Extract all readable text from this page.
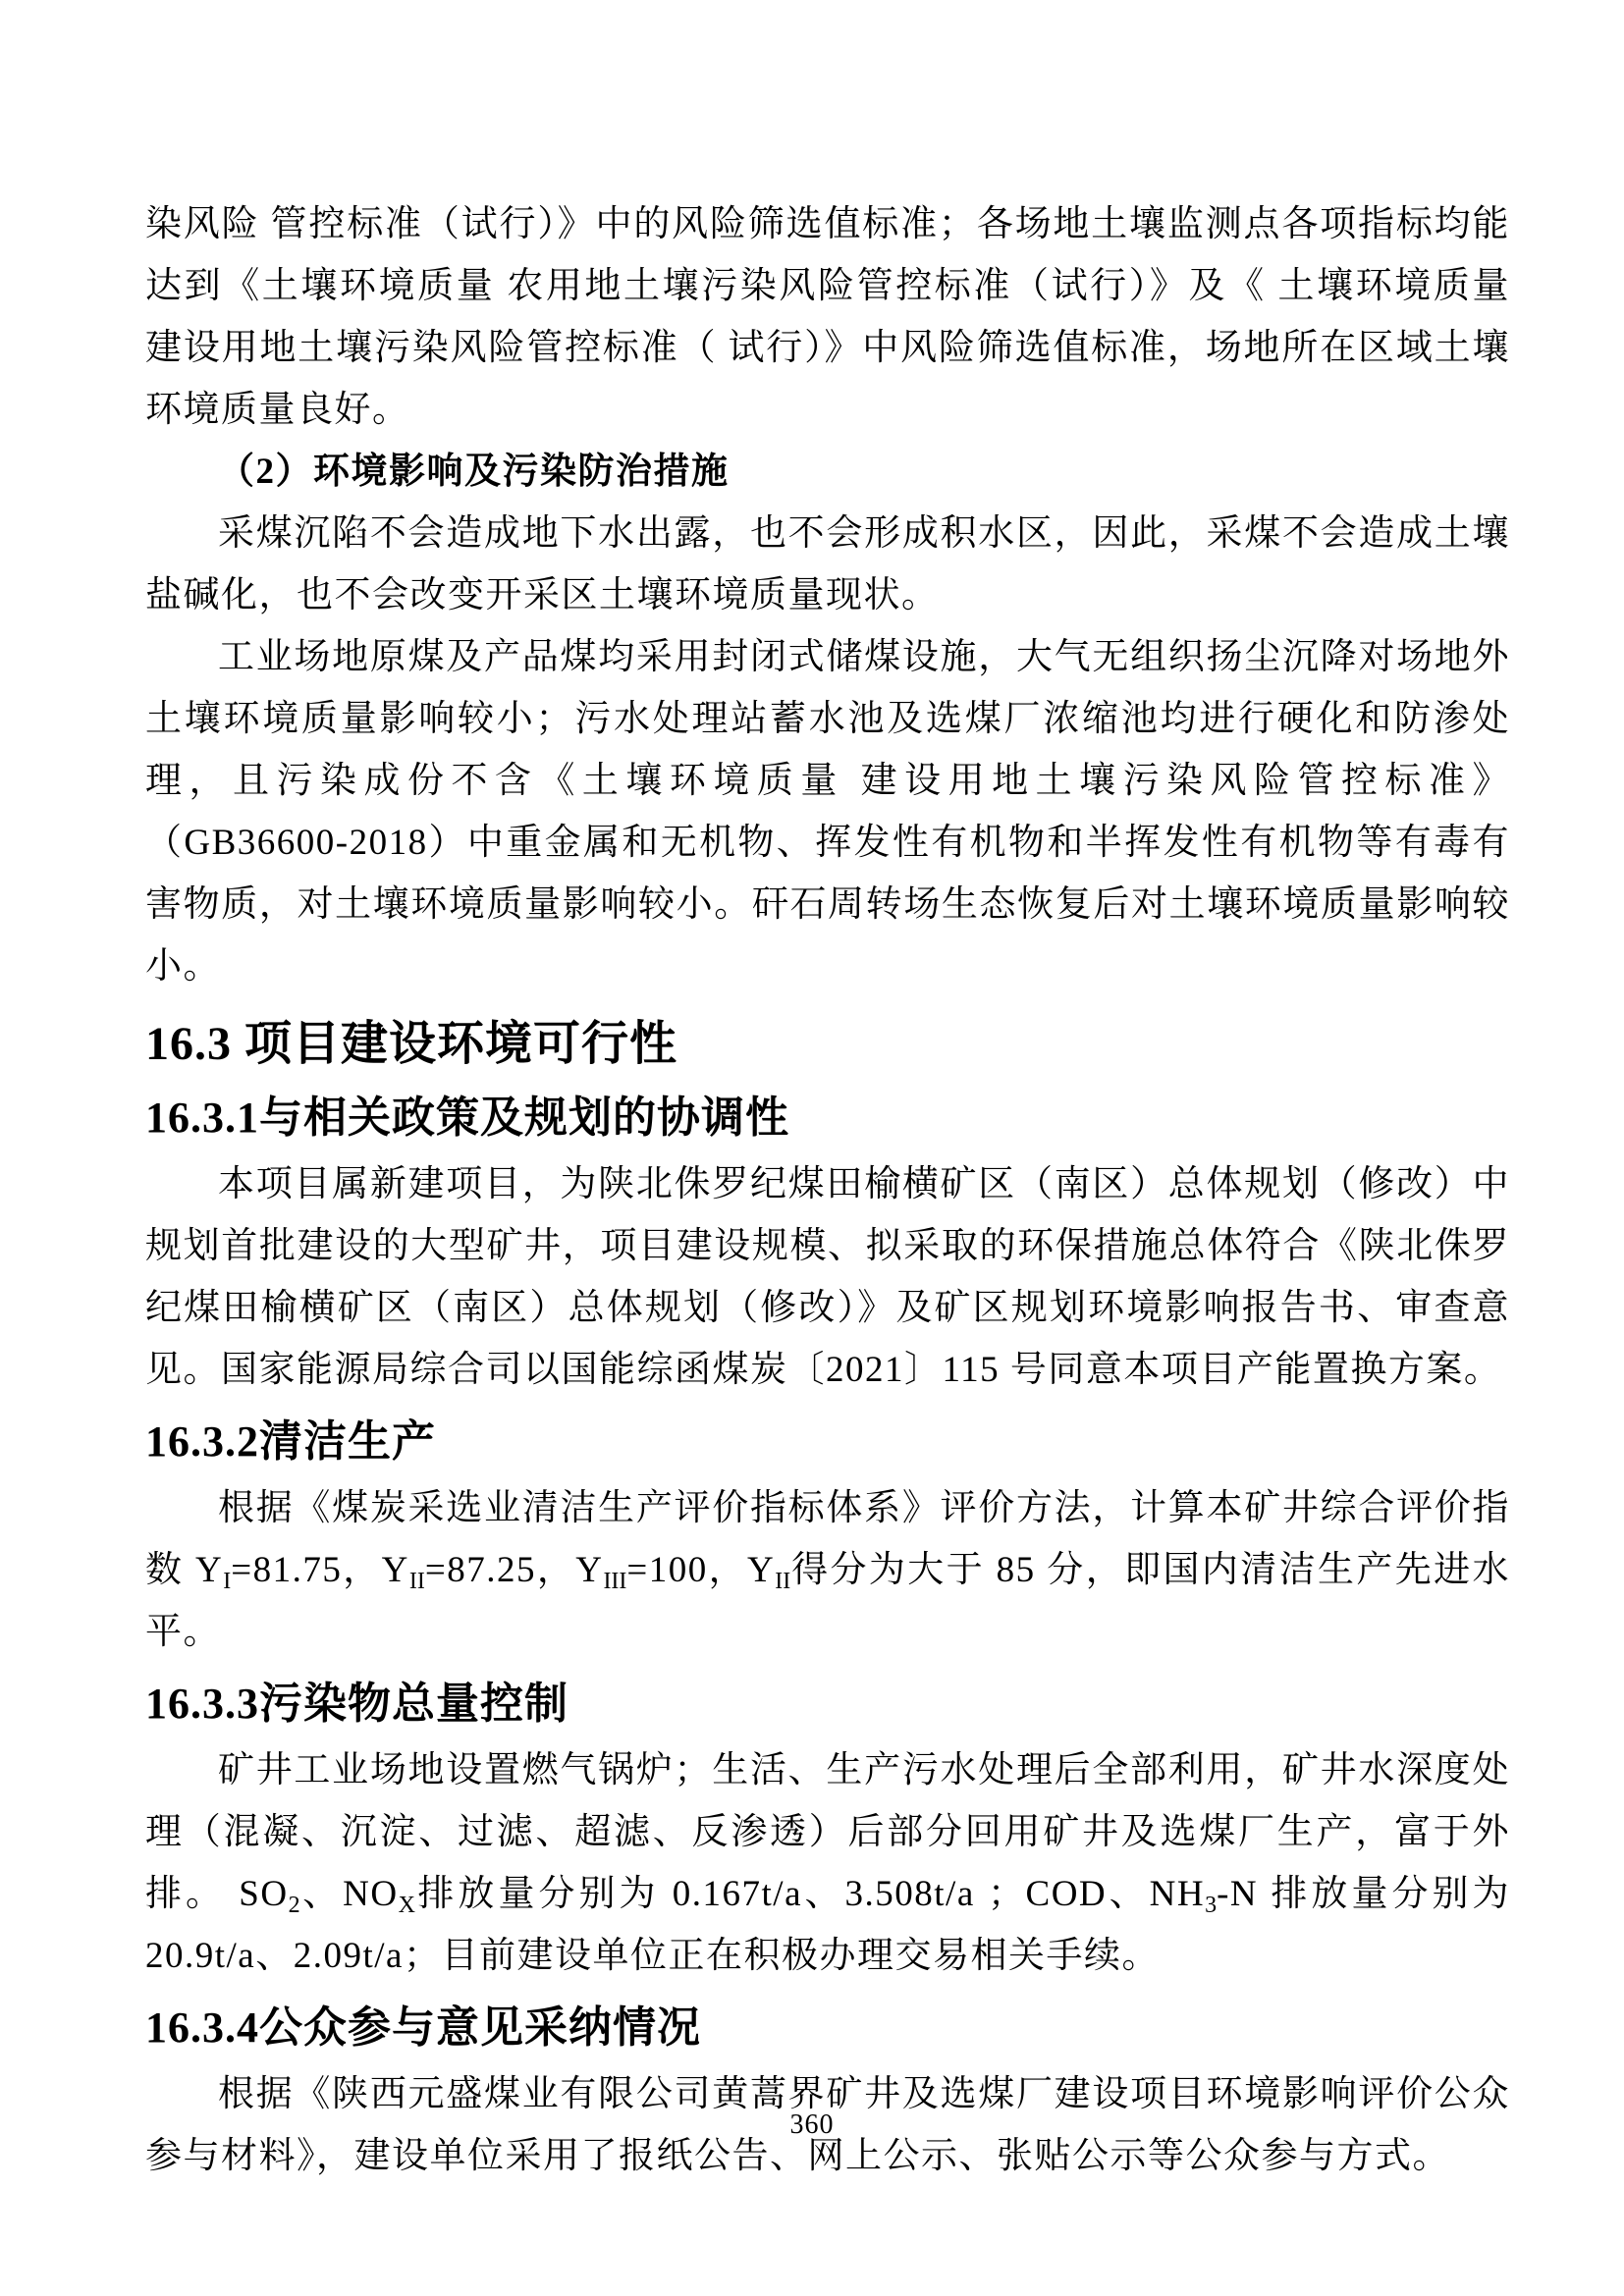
染风险 管控标准（试行）》中的风险筛选值标准；各场地土壤监测点各项指标均能达到《土壤环境质量 农用地土壤污染风险管控标准（试行）》及《 土壤环境质量 建设用地土壤污染风险管控标准（ 试行）》中风险筛选值标准，场地所在区域土壤环境质量良好。

（2）环境影响及污染防治措施

采煤沉陷不会造成地下水出露，也不会形成积水区，因此，采煤不会造成土壤盐碱化，也不会改变开采区土壤环境质量现状。

工业场地原煤及产品煤均采用封闭式储煤设施，大气无组织扬尘沉降对场地外土壤环境质量影响较小；污水处理站蓄水池及选煤厂浓缩池均进行硬化和防渗处理，且污染成份不含《土壤环境质量 建设用地土壤污染风险管控标准》（GB36600-2018）中重金属和无机物、挥发性有机物和半挥发性有机物等有毒有害物质，对土壤环境质量影响较小。矸石周转场生态恢复后对土壤环境质量影响较小。

16.3 项目建设环境可行性
16.3.1与相关政策及规划的协调性

本项目属新建项目，为陕北侏罗纪煤田榆横矿区（南区）总体规划（修改）中规划首批建设的大型矿井，项目建设规模、拟采取的环保措施总体符合《陕北侏罗纪煤田榆横矿区（南区）总体规划（修改）》及矿区规划环境影响报告书、审查意见。国家能源局综合司以国能综函煤炭〔2021〕115 号同意本项目产能置换方案。

16.3.2清洁生产

根据《煤炭采选业清洁生产评价指标体系》评价方法，计算本矿井综合评价指数 $Y_I=81.75$，$Y_{II}=87.25$，$Y_{III}=100$，$Y_{II}$得分为大于 85 分，即国内清洁生产先进水平。

16.3.3污染物总量控制

矿井工业场地设置燃气锅炉；生活、生产污水处理后全部利用，矿井水深度处理（混凝、沉淀、过滤、超滤、反渗透）后部分回用矿井及选煤厂生产，富于外排。 $SO_2$、$NO_X$排放量分别为 0.167t/a、3.508t/a ；COD、$NH_3-N$ 排放量分别为 20.9t/a、2.09t/a；目前建设单位正在积极办理交易相关手续。

16.3.4公众参与意见采纳情况

根据《陕西元盛煤业有限公司黄蒿界矿井及选煤厂建设项目环境影响评价公众参与材料》，建设单位采用了报纸公告、网上公示、张贴公示等公众参与方式。

360
